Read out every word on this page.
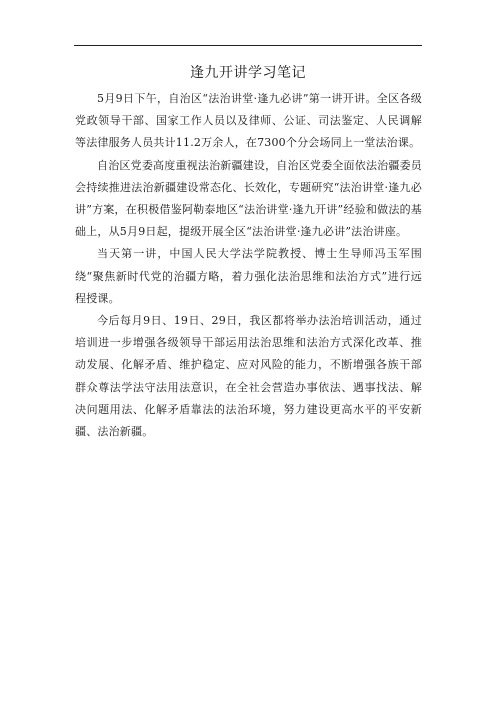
逢九开讲学习笔记

5月9日下午，自治区“法治讲堂·逢九必讲”第一讲开讲。全区各级党政领导干部、国家工作人员以及律师、公证、司法鉴定、人民调解等法律服务人员共计11.2万余人，在7300个分会场同上一堂法治课。

自治区党委高度重视法治新疆建设，自治区党委全面依法治疆委员会持续推进法治新疆建设常态化、长效化，专题研究“法治讲堂·逢九必讲”方案，在积极借鉴阿勒泰地区“法治讲堂·逢九开讲”经验和做法的基础上，从5月9日起，提级开展全区“法治讲堂·逢九必讲”法治讲座。

当天第一讲，中国人民大学法学院教授、博士生导师冯玉军围绕“聚焦新时代党的治疆方略，着力强化法治思维和法治方式”进行远程授课。

今后每月9日、19日、29日，我区都将举办法治培训活动，通过培训进一步增强各级领导干部运用法治思维和法治方式深化改革、推动发展、化解矛盾、维护稳定、应对风险的能力，不断增强各族干部群众尊法学法守法用法意识，在全社会营造办事依法、遇事找法、解决问题用法、化解矛盾靠法的法治环境，努力建设更高水平的平安新疆、法治新疆。
